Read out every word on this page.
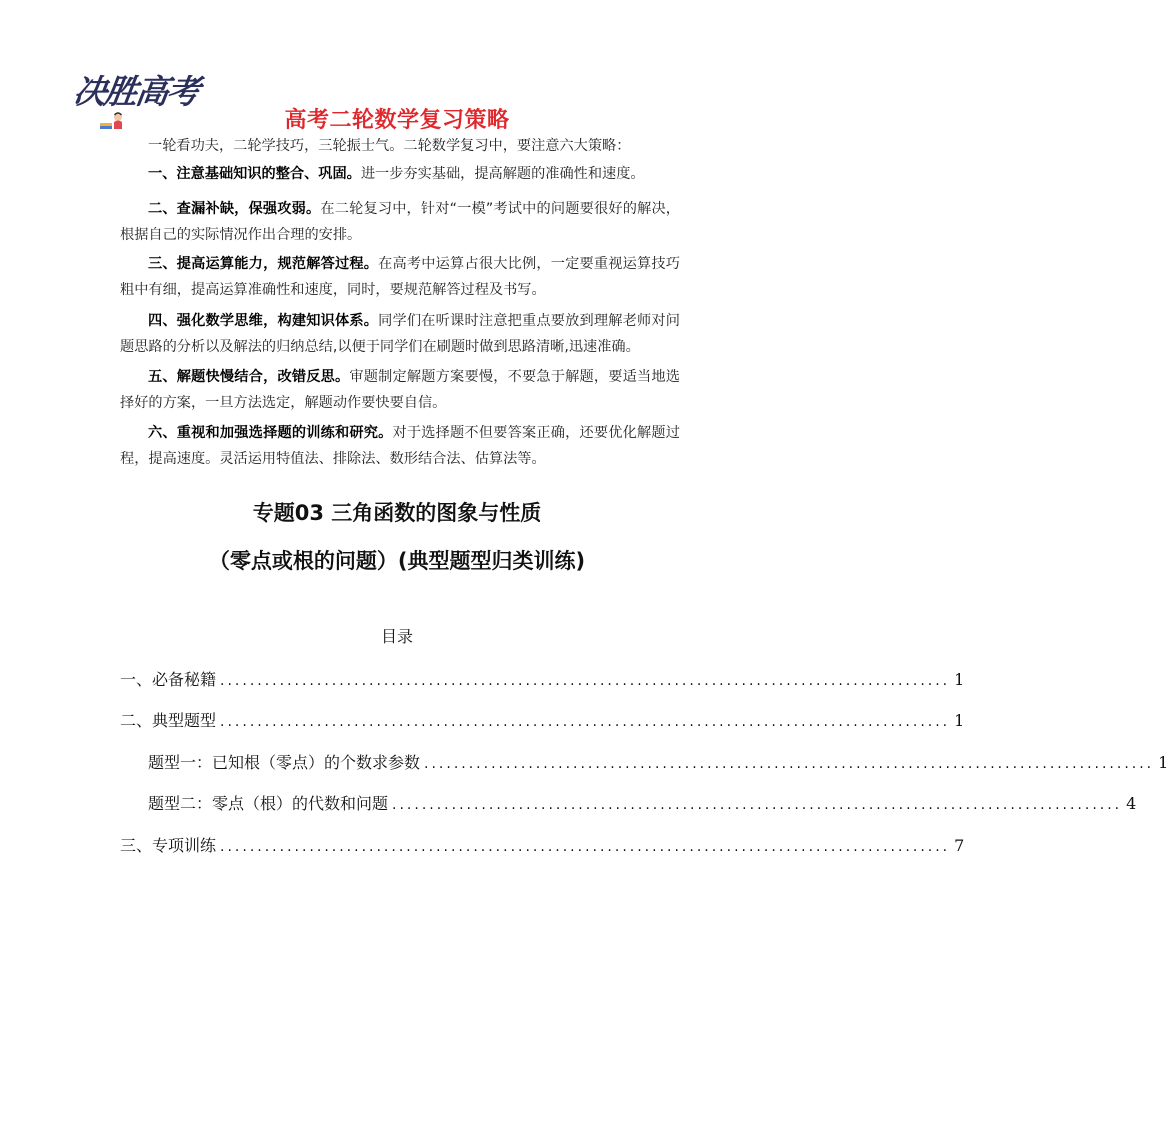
决胜高考
高考二轮数学复习策略

一轮看功夫，二轮学技巧，三轮振士气。二轮数学复习中，要注意六大策略：

一、注意基础知识的整合、巩固。进一步夯实基础，提高解题的准确性和速度。

二、查漏补缺，保强攻弱。在二轮复习中，针对“一模”考试中的问题要很好的解决，根据自己的实际情况作出合理的安排。

三、提高运算能力，规范解答过程。在高考中运算占很大比例，一定要重视运算技巧粗中有细，提高运算准确性和速度，同时，要规范解答过程及书写。

四、强化数学思维，构建知识体系。同学们在听课时注意把重点要放到理解老师对问题思路的分析以及解法的归纳总结,以便于同学们在刷题时做到思路清晰,迅速准确。

五、解题快慢结合，改错反思。审题制定解题方案要慢，不要急于解题，要适当地选择好的方案，一旦方法选定，解题动作要快要自信。

六、重视和加强选择题的训练和研究。对于选择题不但要答案正确，还要优化解题过程，提高速度。灵活运用特值法、排除法、数形结合法、估算法等。

专题03 三角函数的图象与性质
（零点或根的问题）(典型题型归类训练)
目录
一、必备秘籍 .................................................................................................. 1
二、典型题型 .................................................................................................. 1
题型一：已知根（零点）的个数求参数 .................................................................................................. 1
题型二：零点（根）的代数和问题 .................................................................................................. 4
三、专项训练 .................................................................................................. 7
